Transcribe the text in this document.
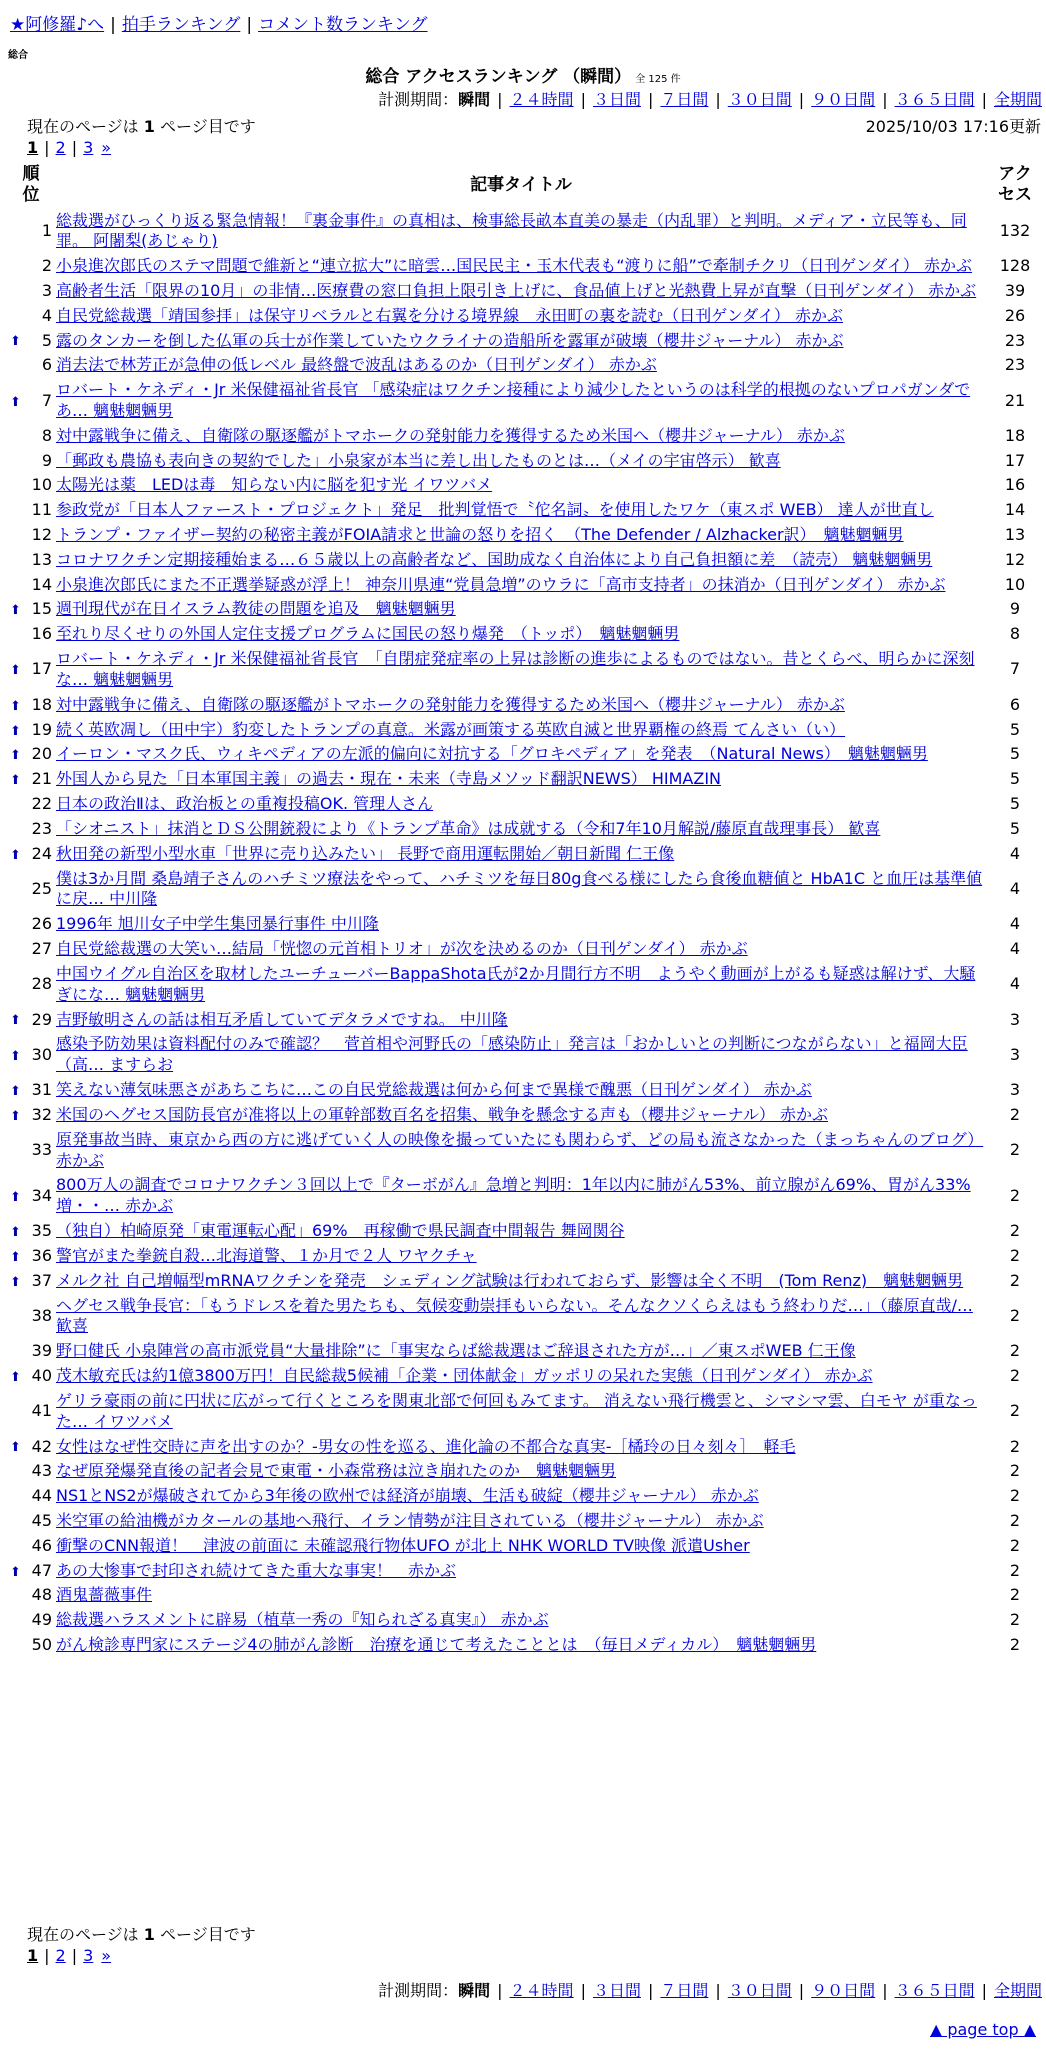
★阿修羅♪へ | 拍手ランキング | コメント数ランキング
総合
総合 アクセスランキング （瞬間） 全 125 件
計測期間：瞬間 | ２４時間 | ３日間 | ７日間 | ３０日間 | ９０日間 | ３６５日間 | 全期間
現在のページは 1 ページ目です	2025/10/03 17:16更新
1 | 2 | 3 »
順
位		記事タイトル	アク
セス
	1	総裁選がひっくり返る緊急情報！『裏金事件』の真相は、検事総長畝本直美の暴走（内乱罪）と判明。メディア・立民等も、同罪。 阿闍梨(あじゃり)	132
	2	小泉進次郎氏のステマ問題で維新と“連立拡大”に暗雲…国民民主・玉木代表も“渡りに船”で牽制チクリ（日刊ゲンダイ） 赤かぶ	128
	3	高齢者生活「限界の10月」の非情…医療費の窓口負担上限引き上げに、食品値上げと光熱費上昇が直撃（日刊ゲンダイ） 赤かぶ	39
	4	自民党総裁選「靖国参拝」は保守リベラルと右翼を分ける境界線　永田町の裏を読む（日刊ゲンダイ） 赤かぶ	26
⬆	5	露のタンカーを倒した仏軍の兵士が作業していたウクライナの造船所を露軍が破壊（櫻井ジャーナル） 赤かぶ	23
	6	消去法で林芳正が急伸の低レベル 最終盤で波乱はあるのか（日刊ゲンダイ） 赤かぶ	23
⬆	7	ロバート・ケネディ・Jr 米保健福祉省長官 「感染症はワクチン接種により減少したというのは科学的根拠のないプロパガンダであ… 魑魅魍魎男	21
	8	対中露戦争に備え、自衛隊の駆逐艦がトマホークの発射能力を獲得するため米国へ（櫻井ジャーナル） 赤かぶ	18
	9	「郵政も農協も表向きの契約でした」小泉家が本当に差し出したものとは…（メイの宇宙啓示） 歓喜	17
	10	太陽光は薬　LEDは毒　知らない内に脳を犯す光 イワツバメ	16
	11	参政党が「日本人ファースト・プロジェクト」発足　批判覚悟で〝佗名詞〟を使用したワケ（東スポ WEB） 達人が世直し	14
	12	トランプ・ファイザー契約の秘密主義がFOIA請求と世論の怒りを招く　（The Defender / Alzhacker訳）　魑魅魍魎男	13
	13	コロナワクチン定期接種始まる…６５歳以上の高齢者など、国助成なく自治体により自己負担額に差　（読売） 魑魅魍魎男	12
	14	小泉進次郎氏にまた不正選挙疑惑が浮上！ 神奈川県連“党員急増”のウラに「高市支持者」の抹消か（日刊ゲンダイ） 赤かぶ	10
⬆	15	週刊現代が在日イスラム教徒の問題を追及　魑魅魍魎男	9
	16	至れり尽くせりの外国人定住支援プログラムに国民の怒り爆発　（トッポ）　魑魅魍魎男	8
⬆	17	ロバート・ケネディ・Jr 米保健福祉省長官　「自閉症発症率の上昇は診断の進歩によるものではない。昔とくらべ、明らかに深刻な… 魑魅魍魎男	7
⬆	18	対中露戦争に備え、自衛隊の駆逐艦がトマホークの発射能力を獲得するため米国へ（櫻井ジャーナル） 赤かぶ	6
⬆	19	続く英欧凋し（田中宇）豹変したトランプの真意。米露が画策する英欧自滅と世界覇権の終焉 てんさい（い）	5
⬆	20	イーロン・マスク氏、ウィキペディアの左派的偏向に対抗する「グロキペディア」を発表　（Natural News）　魑魅魍魎男	5
⬆	21	外国人から見た「日本軍国主義」の過去・現在・未来（寺島メソッド翻訳NEWS） HIMAZIN	5
	22	日本の政治Ⅱは、政治板との重複投稿OK. 管理人さん	5
	23	「シオニスト」抹消とＤＳ公開銃殺により《トランプ革命》は成就する（令和7年10月解説/藤原直哉理事長） 歓喜	5
⬆	24	秋田発の新型小型水車「世界に売り込みたい」 長野で商用運転開始／朝日新聞 仁王像	4
	25	僕は3か月間 桑島靖子さんのハチミツ療法をやって、ハチミツを毎日80g食べる様にしたら食後血糖値と HbA1C と血圧は基準値に戻… 中川隆	4
	26	1996年 旭川女子中学生集団暴行事件 中川隆	4
	27	自民党総裁選の大笑い…結局「恍惚の元首相トリオ」が次を決めるのか（日刊ゲンダイ） 赤かぶ	4
	28	中国ウイグル自治区を取材したユーチューバーBappaShota氏が2か月間行方不明　ようやく動画が上がるも疑惑は解けず、大騒ぎにな… 魑魅魍魎男	4
⬆	29	吉野敏明さんの話は相互矛盾していてデタラメですね。 中川隆	3
⬆	30	感染予防効果は資料配付のみで確認？　菅首相や河野氏の「感染防止」発言は「おかしいとの判断につながらない」と福岡大臣（高… ますらお	3
⬆	31	笑えない薄気味悪さがあちこちに…この自民党総裁選は何から何まで異様で醜悪（日刊ゲンダイ） 赤かぶ	3
⬆	32	米国のヘグセス国防長官が准将以上の軍幹部数百名を招集、戦争を懸念する声も（櫻井ジャーナル） 赤かぶ	2
	33	原発事故当時、東京から西の方に逃げていく人の映像を撮っていたにも関わらず、どの局も流さなかった（まっちゃんのブログ） 赤かぶ	2
⬆	34	800万人の調査でコロナワクチン３回以上で『ターボがん』急増と判明：1年以内に肺がん53%、前立腺がん69%、胃がん33%増・・… 赤かぶ	2
⬆	35	（独自）柏崎原発「東電運転心配」69%　再稼働で県民調査中間報告 舞岡関谷	2
⬆	36	警官がまた拳銃自殺…北海道警、１か月で２人 ワヤクチャ	2
⬆	37	メルク社 自己増幅型mRNAワクチンを発売　シェディング試験は行われておらず、影響は全く不明　(Tom Renz)　魑魅魍魎男	2
	38	ヘグセス戦争長官：「もうドレスを着た男たちも、気候変動崇拝もいらない。そんなクソくらえはもう終わりだ…」（藤原直哉/… 歓喜	2
	39	野口健氏 小泉陣営の高市派党員“大量排除”に「事実ならば総裁選はご辞退された方が…」／東スポWEB 仁王像	2
⬆	40	茂木敏充氏は約1億3800万円！自民総裁5候補「企業・団体献金」ガッポリの呆れた実態（日刊ゲンダイ） 赤かぶ	2
	41	ゲリラ豪雨の前に円状に広がって行くところを関東北部で何回もみてます。 消えない飛行機雲と、シマシマ雲、白モヤ が重なった… イワツバメ	2
⬆	42	女性はなぜ性交時に声を出すのか？-男女の性を巡る、進化論の不都合な真実-［橘玲の日々刻々］　軽毛	2
	43	なぜ原発爆発直後の記者会見で東電・小森常務は泣き崩れたのか　魑魅魍魎男	2
	44	NS1とNS2が爆破されてから3年後の欧州では経済が崩壊、生活も破綻（櫻井ジャーナル） 赤かぶ	2
	45	米空軍の給油機がカタールの基地へ飛行、イラン情勢が注目されている（櫻井ジャーナル） 赤かぶ	2
	46	衝撃のCNN報道！　津波の前面に 未確認飛行物体UFO が北上 NHK WORLD TV映像 派遣Usher	2
⬆	47	あの大惨事で封印され続けてきた重大な事実！　赤かぶ	2
	48	酒鬼薔薇事件	2
	49	総裁選ハラスメントに辟易（植草一秀の『知られざる真実』） 赤かぶ	2
	50	がん検診専門家にステージ4の肺がん診断　治療を通じて考えたこととは　（毎日メディカル）　魑魅魍魎男	2
現在のページは 1 ページ目です
1 | 2 | 3 »
計測期間：瞬間 | ２４時間 | ３日間 | ７日間 | ３０日間 | ９０日間 | ３６５日間 | 全期間
▲ page top ▲
